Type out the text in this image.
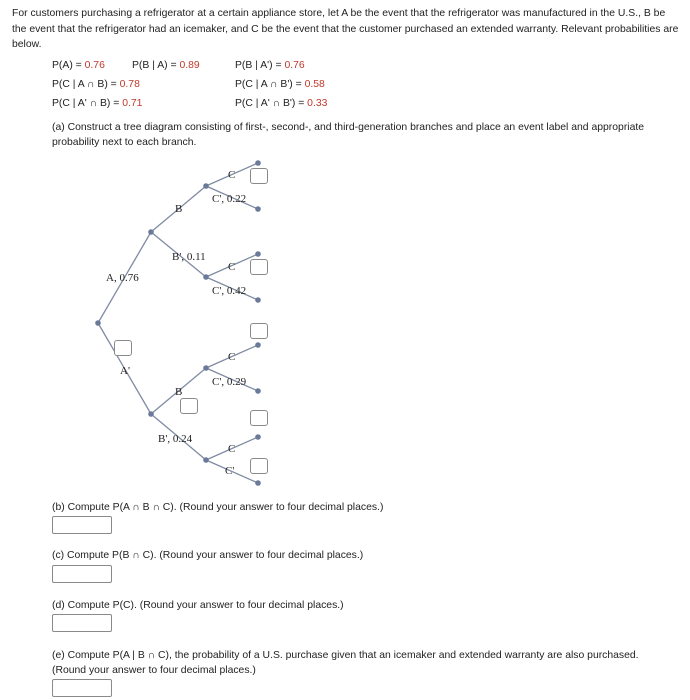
For customers purchasing a refrigerator at a certain appliance store, let A be the event that the refrigerator was manufactured in the U.S., B be the event that the refrigerator had an icemaker, and C be the event that the customer purchased an extended warranty. Relevant probabilities are below.
P(A) = 0.76	P(B | A) = 0.89	P(B | A') = 0.76
P(C | A ∩ B) = 0.78	P(C | A ∩ B') = 0.58
P(C | A' ∩ B) = 0.71	P(C | A' ∩ B') = 0.33
(a) Construct a tree diagram consisting of first-, second-, and third-generation branches and place an event label and appropriate probability next to each branch.
A, 0.76
A'
B
B', 0.11
B
B', 0.24
C
C', 0.22
C
C', 0.42
C
C', 0.29
C
C'
(b) Compute P(A ∩ B ∩ C). (Round your answer to four decimal places.)
(c) Compute P(B ∩ C). (Round your answer to four decimal places.)
(d) Compute P(C). (Round your answer to four decimal places.)
(e) Compute P(A | B ∩ C), the probability of a U.S. purchase given that an icemaker and extended warranty are also purchased. (Round your answer to four decimal places.)
